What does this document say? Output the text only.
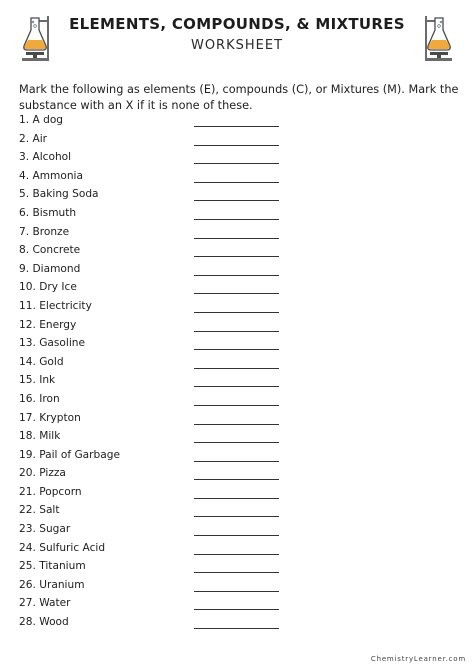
ELEMENTS, COMPOUNDS, & MIXTURES
WORKSHEET
Mark the following as elements (E), compounds (C), or Mixtures (M). Mark the
substance with an X if it is none of these.
1. A dog
2. Air
3. Alcohol
4. Ammonia
5. Baking Soda
6. Bismuth
7. Bronze
8. Concrete
9. Diamond
10. Dry Ice
11. Electricity
12. Energy
13. Gasoline
14. Gold
15. Ink
16. Iron
17. Krypton
18. Milk
19. Pail of Garbage
20. Pizza
21. Popcorn
22. Salt
23. Sugar
24. Sulfuric Acid
25. Titanium
26. Uranium
27. Water
28. Wood
ChemistryLearner.com
